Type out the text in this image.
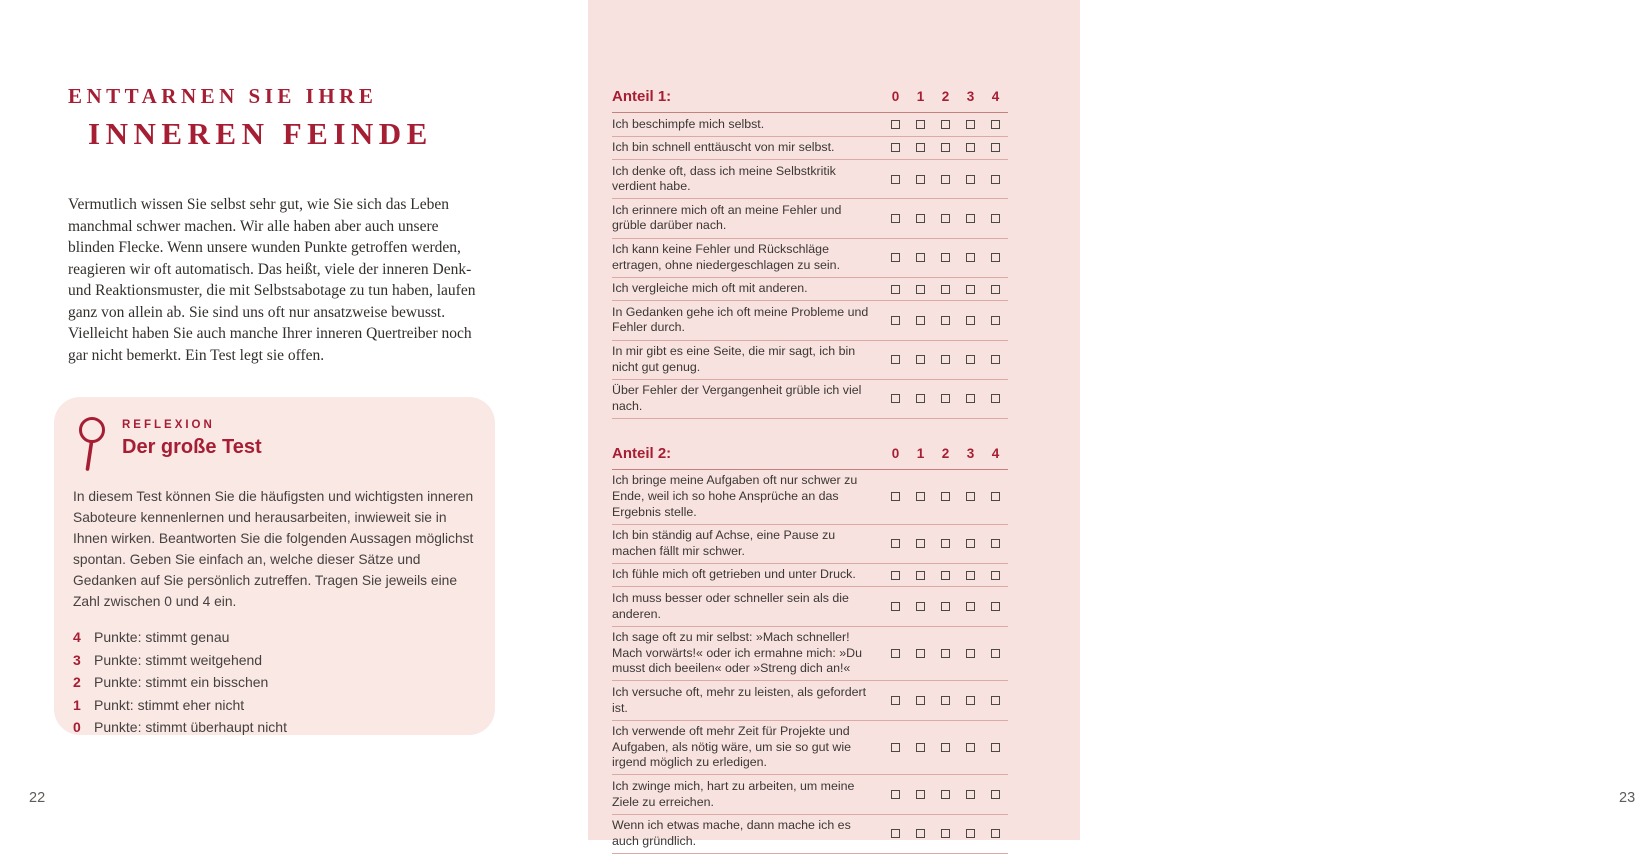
ENTTARNEN SIE IHRE
INNEREN FEINDE

Vermutlich wissen Sie selbst sehr gut, wie Sie sich das Leben manchmal schwer machen. Wir alle haben aber auch unsere blinden Flecke. Wenn unsere wunden Punkte getroffen werden, reagieren wir oft automatisch. Das heißt, viele der inneren Denk- und Reaktionsmuster, die mit Selbstsabotage zu tun haben, laufen ganz von allein ab. Sie sind uns oft nur ansatzweise bewusst. Vielleicht haben Sie auch manche Ihrer inneren Quertreiber noch gar nicht bemerkt. Ein Test legt sie offen.

REFLEXION
Der große Test

In diesem Test können Sie die häufigsten und wichtigsten inneren Saboteure kennenlernen und herausarbeiten, inwieweit sie in Ihnen wirken. Beantworten Sie die folgenden Aussagen möglichst spontan. Geben Sie einfach an, welche dieser Sätze und Gedanken auf Sie persönlich zutreffen. Tragen Sie jeweils eine Zahl zwischen 0 und 4 ein.

4 Punkte: stimmt genau
3 Punkte: stimmt weitgehend
2 Punkte: stimmt ein bisschen
1 Punkt: stimmt eher nicht
0 Punkte: stimmt überhaupt nicht
22
Anteil 1:	0	1	2	3	4
Ich beschimpfe mich selbst.
Ich bin schnell enttäuscht von mir selbst.
Ich denke oft, dass ich meine Selbstkritik verdient habe.
Ich erinnere mich oft an meine Fehler und grüble darüber nach.
Ich kann keine Fehler und Rückschläge ertragen, ohne niedergeschlagen zu sein.
Ich vergleiche mich oft mit anderen.
In Gedanken gehe ich oft meine Probleme und Fehler durch.
In mir gibt es eine Seite, die mir sagt, ich bin nicht gut genug.
Über Fehler der Vergangenheit grüble ich viel nach.
Anteil 2:	0	1	2	3	4
Ich bringe meine Aufgaben oft nur schwer zu Ende, weil ich so hohe Ansprüche an das Ergebnis stelle.
Ich bin ständig auf Achse, eine Pause zu machen fällt mir schwer.
Ich fühle mich oft getrieben und unter Druck.
Ich muss besser oder schneller sein als die anderen.
Ich sage oft zu mir selbst: »Mach schneller! Mach vorwärts!« oder ich ermahne mich: »Du musst dich beeilen« oder »Streng dich an!«
Ich versuche oft, mehr zu leisten, als gefordert ist.
Ich verwende oft mehr Zeit für Projekte und Aufgaben, als nötig wäre, um sie so gut wie irgend möglich zu erledigen.
Ich zwinge mich, hart zu arbeiten, um meine Ziele zu erreichen.
Wenn ich etwas mache, dann mache ich es auch gründlich.
23
